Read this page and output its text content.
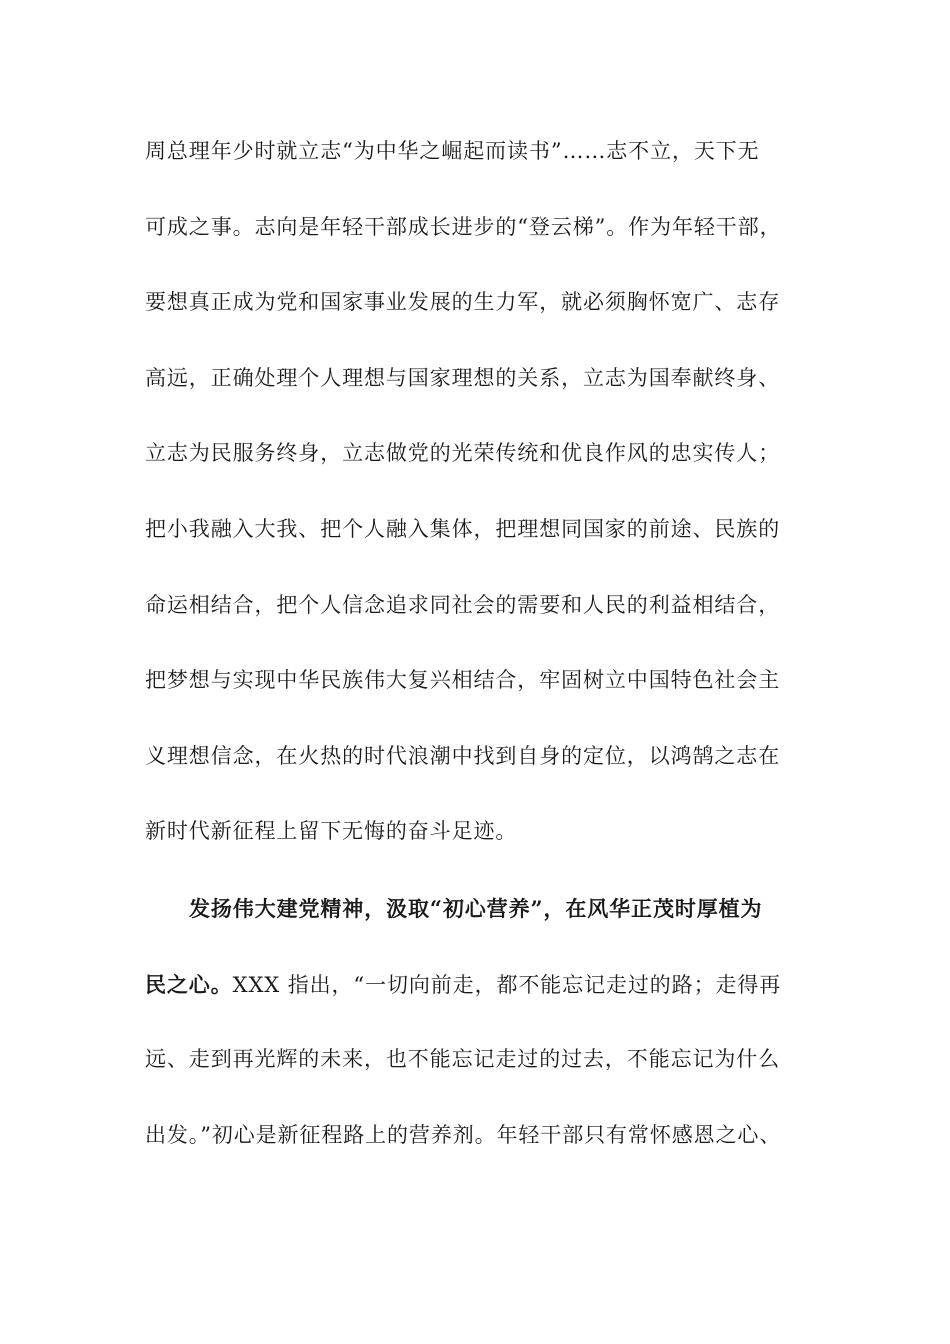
周总理年少时就立志“为中华之崛起而读书”……志不立，天下无
可成之事。志向是年轻干部成长进步的“登云梯”。作为年轻干部，
要想真正成为党和国家事业发展的生力军，就必须胸怀宽广、志存
高远，正确处理个人理想与国家理想的关系，立志为国奉献终身、
立志为民服务终身，立志做党的光荣传统和优良作风的忠实传人；
把小我融入大我、把个人融入集体，把理想同国家的前途、民族的
命运相结合，把个人信念追求同社会的需要和人民的利益相结合，
把梦想与实现中华民族伟大复兴相结合，牢固树立中国特色社会主
义理想信念，在火热的时代浪潮中找到自身的定位，以鸿鹄之志在
新时代新征程上留下无悔的奋斗足迹。
发扬伟大建党精神，汲取“初心营养”，在风华正茂时厚植为
民之心。XXX 指出，“一切向前走，都不能忘记走过的路；走得再
远、走到再光辉的未来，也不能忘记走过的过去，不能忘记为什么
出发。”初心是新征程路上的营养剂。年轻干部只有常怀感恩之心、
